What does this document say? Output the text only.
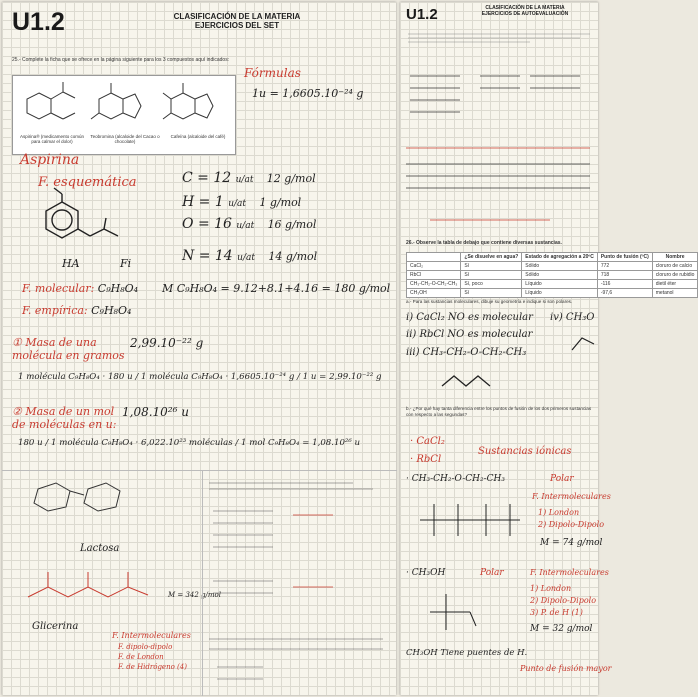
U1.2	CLASIFICACIÓN DE LA MATERIA
EJERCICIOS DEL SET
25.- Complete la ficha que se ofrece en la página siguiente para los 3 compuestos aquí indicados:
Aspirina® (medicamento común para calmar el dolor)
Teobromina (alcaloide del Cacao o chocolate)
Cafeína (alcaloide del café)
Fórmulas
1u = 1,6605.10⁻²⁴ g
Aspirina
F. esquemática	C = 12 u/at 12 g/mol
H = 1 u/at 1 g/mol
O = 16 u/at 16 g/mol
N = 14 u/at 14 g/mol
HA	Fi
F. molecular: C₉H₈O₄ M C₉H₈O₄ = 9.12+8.1+4.16 = 180 g/mol
F. empírica: C₉H₈O₄
① Masa de una molécula en gramos
2,99.10⁻²² g
1 molécula C₉H₈O₄ · 180 u / 1 molécula C₉H₈O₄ · 1,6605.10⁻²⁴ g / 1 u = 2,99.10⁻²² g
② Masa de un mol de moléculas en u:
1,08.10²⁶ u
180 u / 1 molécula C₉H₈O₄ · 6,022.10²³ moléculas / 1 mol C₉H₈O₄ = 1,08.10²⁶ u
Lactosa
Glicerina
F. Intermoleculares
F. dipolo-dipolo
F. de London
F. de Hidrógeno (4)
M = 342 g/mol
U1.2	CLASIFICACIÓN DE LA MATERIA
EJERCICIOS DE AUTOEVALUACIÓN
26.- Observe la tabla de debajo que contiene diversas sustancias.
	¿Se disuelve en agua?	Estado de agregación a 20ºC	Punto de fusión (ºC)	Nombre
CaCl₂	Sí	Sólido	772	cloruro de calcio
RbCl	Sí	Sólido	718	cloruro de rubidio
CH₃-CH₂-O-CH₂-CH₃	Sí, poco	Líquido	-116	dietil éter
CH₃OH	Sí	Líquido	-97,6	metanol
a.- Para las sustancias moleculares, dibuje su geometría e indique si son polares.
i) CaCl₂ NO es molecular iv) CH₃O
ii) RbCl NO es molecular
iii) CH₃-CH₂-O-CH₂-CH₃
b.- ¿Por qué hay tanta diferencia entre los puntos de fusión de los dos primeros sustancias con respecto a las segundas?
· CaCl₂
· RbCl
Sustancias iónicas
· CH₃-CH₂-O-CH₂-CH₃	Polar
F. Intermoleculares
1) London
2) Dipolo-Dipolo
M = 74 g/mol
· CH₃OH	Polar	F. Intermoleculares
1) London
2) Dipolo-Dipolo
3) P. de H (1)
M = 32 g/mol
CH₃OH Tiene puentes de H.
Punto de fusión mayor
